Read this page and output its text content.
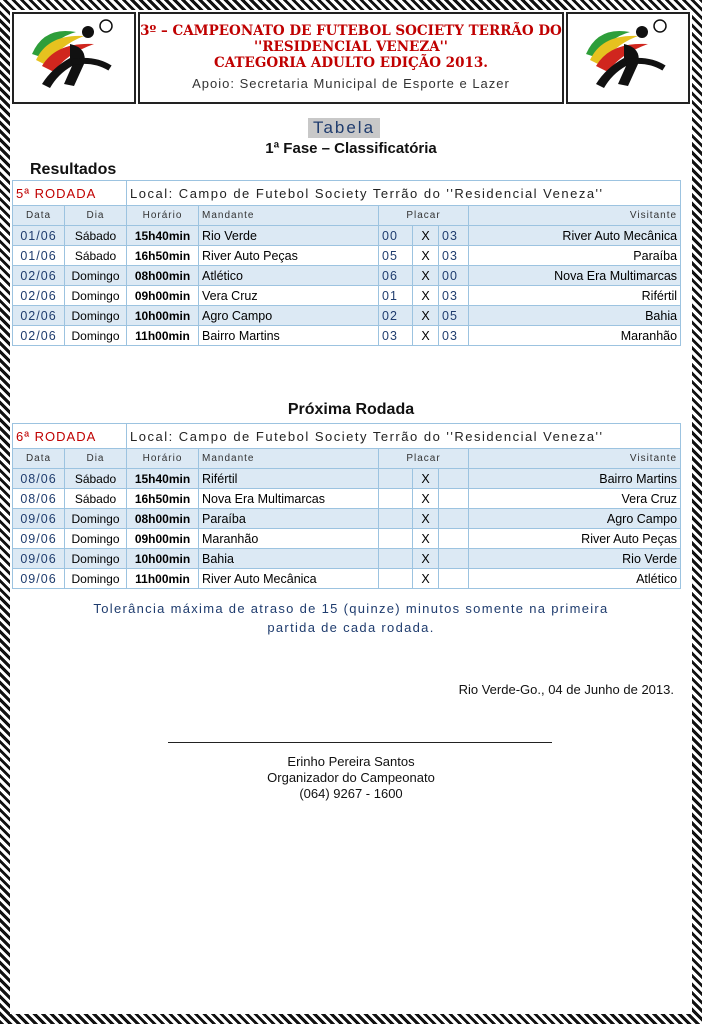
3º – CAMPEONATO DE FUTEBOL SOCIETY TERRÃO DO
''RESIDENCIAL VENEZA''
CATEGORIA ADULTO EDIÇÃO 2013.
Apoio: Secretaria Municipal de Esporte e Lazer
Tabela
1ª Fase – Classificatória
Resultados
5ª RODADA		Local: Campo de Futebol Society Terrão do ''Residencial Veneza''					
Data	Dia	Horário	Mandante	Placar			Visitante
01/06	Sábado	15h40min	Rio Verde	00	X	03	River Auto Mecânica
01/06	Sábado	16h50min	River Auto Peças	05	X	03	Paraíba
02/06	Domingo	08h00min	Atlético	06	X	00	Nova Era Multimarcas
02/06	Domingo	09h00min	Vera Cruz	01	X	03	Rifértil
02/06	Domingo	10h00min	Agro Campo	02	X	05	Bahia
02/06	Domingo	11h00min	Bairro Martins	03	X	03	Maranhão
Próxima Rodada
6ª RODADA		Local: Campo de Futebol Society Terrão do ''Residencial Veneza''					
Data	Dia	Horário	Mandante	Placar			Visitante
08/06	Sábado	15h40min	Rifértil		X		Bairro Martins
08/06	Sábado	16h50min	Nova Era Multimarcas		X		Vera Cruz
09/06	Domingo	08h00min	Paraíba		X		Agro Campo
09/06	Domingo	09h00min	Maranhão		X		River Auto Peças
09/06	Domingo	10h00min	Bahia		X		Rio Verde
09/06	Domingo	11h00min	River Auto Mecânica		X		Atlético
Tolerância máxima de atraso de 15 (quinze) minutos somente na primeira partida de cada rodada.
Rio Verde-Go., 04 de Junho de 2013.
Erinho Pereira Santos
Organizador do Campeonato
(064) 9267 - 1600
